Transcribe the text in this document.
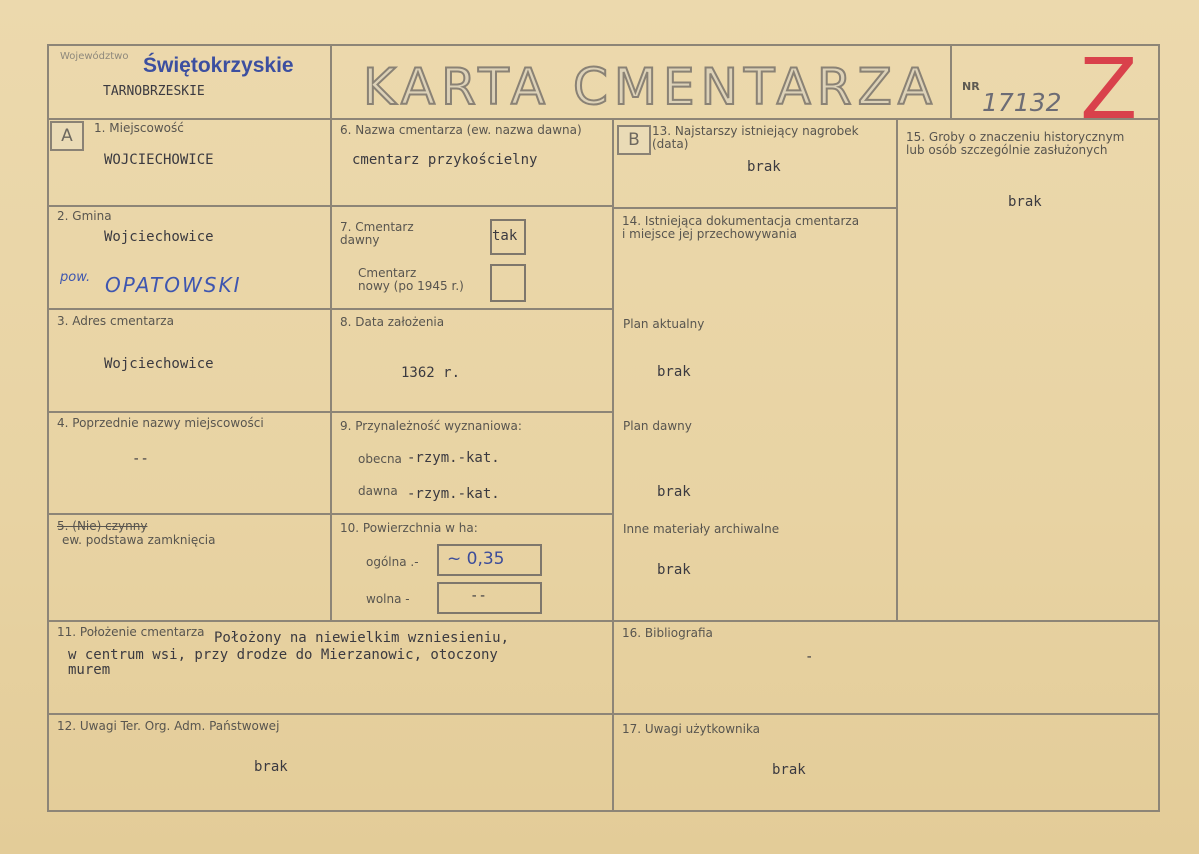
Województwo Świętokrzyskie
TARNOBRZESKIE	KARTA CMENTARZA NR
17132 Z
A	1. Miejscowość
WOJCIECHOWICE
2. Gmina
Wojciechowice
pow. OPATOWSKI
3. Adres cmentarza
Wojciechowice
4. Poprzednie nazwy miejscowości
--
5. (Nie) czynny
ew. podstawa zamknięcia
6. Nazwa cmentarza (ew. nazwa dawna)
cmentarz przykościelny
7. Cmentarz
dawny	tak
Cmentarz
nowy (po 1945 r.)
8. Data założenia
1362 r.
9. Przynależność wyznaniowa:
obecna -rzym.-kat.
dawna -rzym.-kat.
10. Powierzchnia w ha:
ogólna .- ~ 0,35
wolna -	--
B	13. Najstarszy istniejący nagrobek
(data)
brak
14. Istniejąca dokumentacja cmentarza
i miejsce jej przechowywania
Plan aktualny
brak
Plan dawny
brak
Inne materiały archiwalne
brak
15. Groby o znaczeniu historycznym
lub osób szczególnie zasłużonych
brak
11. Położenie cmentarza Położony na niewielkim wzniesieniu,
w centrum wsi, przy drodze do Mierzanowic, otoczony
murem
16. Bibliografia
-
12. Uwagi Ter. Org. Adm. Państwowej
brak
17. Uwagi użytkownika
brak
